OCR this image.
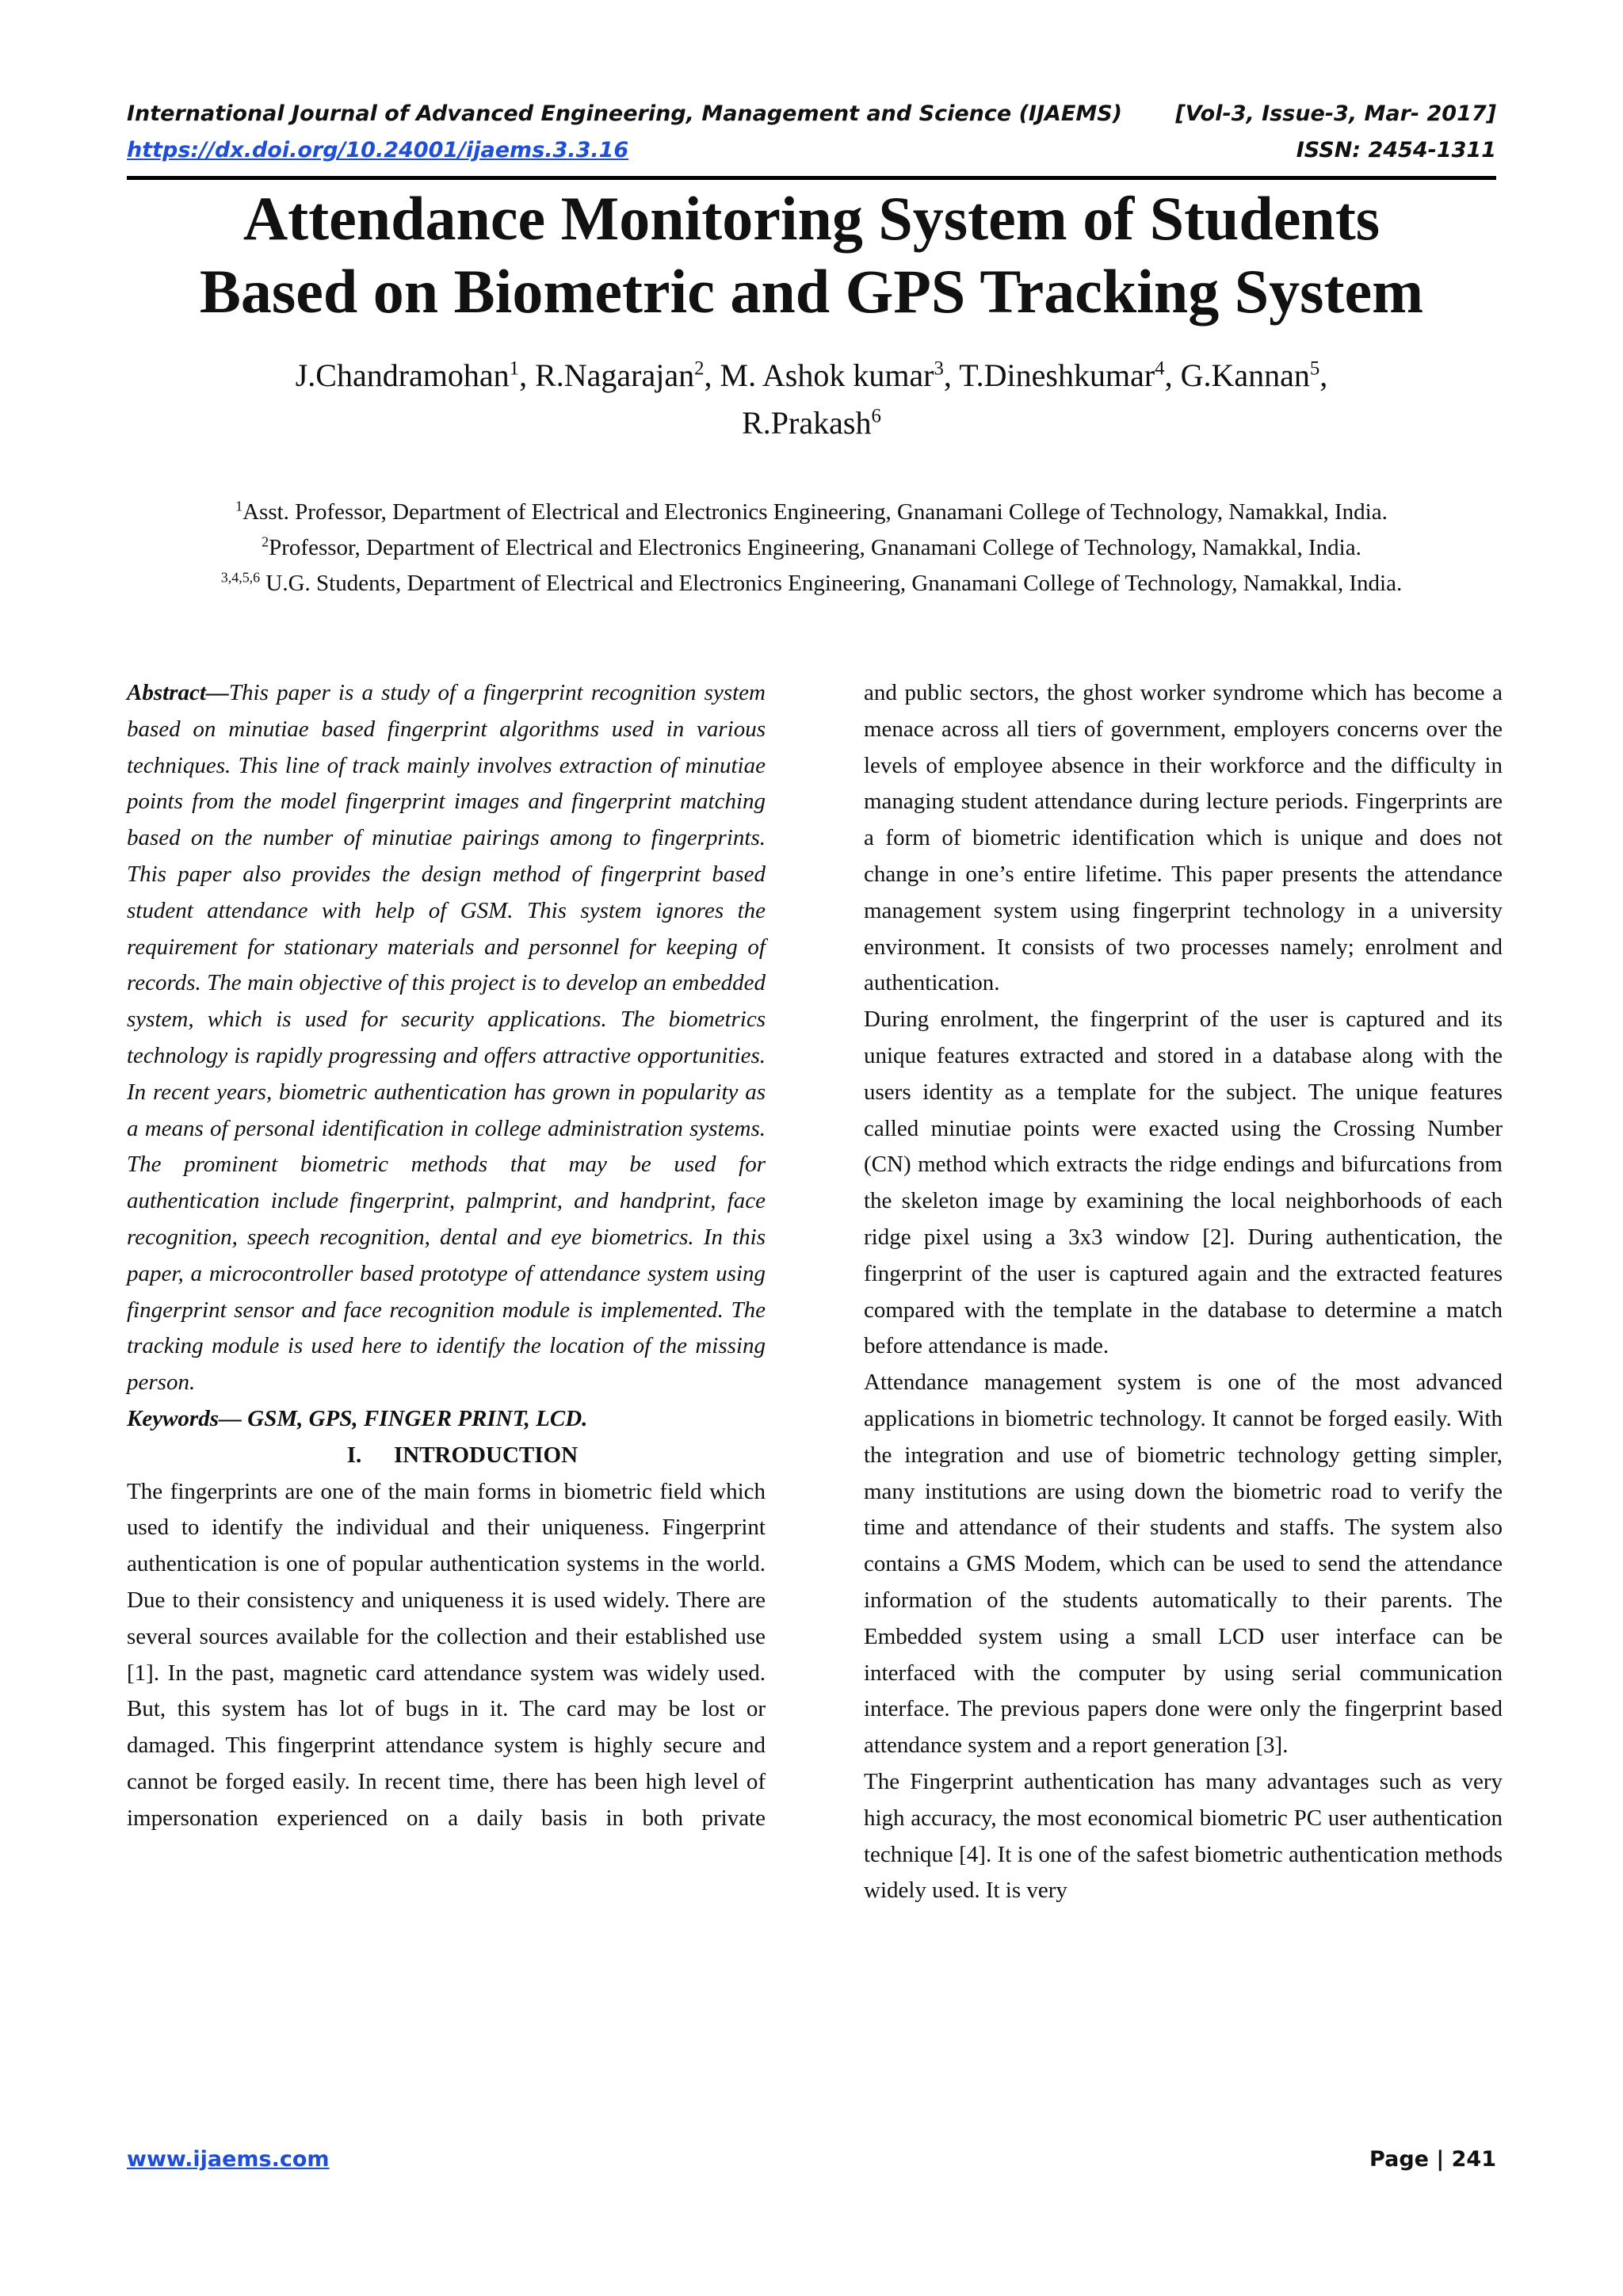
International Journal of Advanced Engineering, Management and Science (IJAEMS) [Vol-3, Issue-3, Mar- 2017]
https://dx.doi.org/10.24001/ijaems.3.3.16	ISSN: 2454-1311
Attendance Monitoring System of Students
Based on Biometric and GPS Tracking System
J.Chandramohan$^1$, R.Nagarajan$^2$, M. Ashok kumar$^3$, T.Dineshkumar$^4$, G.Kannan$^5$,
R.Prakash$^6$
$^1$Asst. Professor, Department of Electrical and Electronics Engineering, Gnanamani College of Technology, Namakkal, India.
$^2$Professor, Department of Electrical and Electronics Engineering, Gnanamani College of Technology, Namakkal, India.
$^{3,4,5,6}$ U.G. Students, Department of Electrical and Electronics Engineering, Gnanamani College of Technology, Namakkal, India.

Abstract—This paper is a study of a fingerprint recognition system based on minutiae based fingerprint algorithms used in various techniques. This line of track mainly involves extraction of minutiae points from the model fingerprint images and fingerprint matching based on the number of minutiae pairings among to fingerprints. This paper also provides the design method of fingerprint based student attendance with help of GSM. This system ignores the requirement for stationary materials and personnel for keeping of records. The main objective of this project is to develop an embedded system, which is used for security applications. The biometrics technology is rapidly progressing and offers attractive opportunities. In recent years, biometric authentication has grown in popularity as a means of personal identification in college administration systems. The prominent biometric methods that may be used for authentication include fingerprint, palmprint, and handprint, face recognition, speech recognition, dental and eye biometrics. In this paper, a microcontroller based prototype of attendance system using fingerprint sensor and face recognition module is implemented. The tracking module is used here to identify the location of the missing person.

Keywords— GSM, GPS, FINGER PRINT, LCD.

I. INTRODUCTION

The fingerprints are one of the main forms in biometric field which used to identify the individual and their uniqueness. Fingerprint authentication is one of popular authentication systems in the world. Due to their consistency and uniqueness it is used widely. There are several sources available for the collection and their established use [1]. In the past, magnetic card attendance system was widely used. But, this system has lot of bugs in it. The card may be lost or damaged. This fingerprint attendance system is highly secure and cannot be forged easily. In recent time, there has been high level of impersonation experienced on a daily basis in both private

and public sectors, the ghost worker syndrome which has become a menace across all tiers of government, employers concerns over the levels of employee absence in their workforce and the difficulty in managing student attendance during lecture periods. Fingerprints are a form of biometric identification which is unique and does not change in one’s entire lifetime. This paper presents the attendance management system using fingerprint technology in a university environment. It consists of two processes namely; enrolment and authentication.

During enrolment, the fingerprint of the user is captured and its unique features extracted and stored in a database along with the users identity as a template for the subject. The unique features called minutiae points were exacted using the Crossing Number (CN) method which extracts the ridge endings and bifurcations from the skeleton image by examining the local neighborhoods of each ridge pixel using a 3x3 window [2]. During authentication, the fingerprint of the user is captured again and the extracted features compared with the template in the database to determine a match before attendance is made.

Attendance management system is one of the most advanced applications in biometric technology. It cannot be forged easily. With the integration and use of biometric technology getting simpler, many institutions are using down the biometric road to verify the time and attendance of their students and staffs. The system also contains a GMS Modem, which can be used to send the attendance information of the students automatically to their parents. The Embedded system using a small LCD user interface can be interfaced with the computer by using serial communication interface. The previous papers done were only the fingerprint based attendance system and a report generation [3].

The Fingerprint authentication has many advantages such as very high accuracy, the most economical biometric PC user authentication technique [4]. It is one of the safest biometric authentication methods widely used. It is very

www.ijaems.com	Page | 241
